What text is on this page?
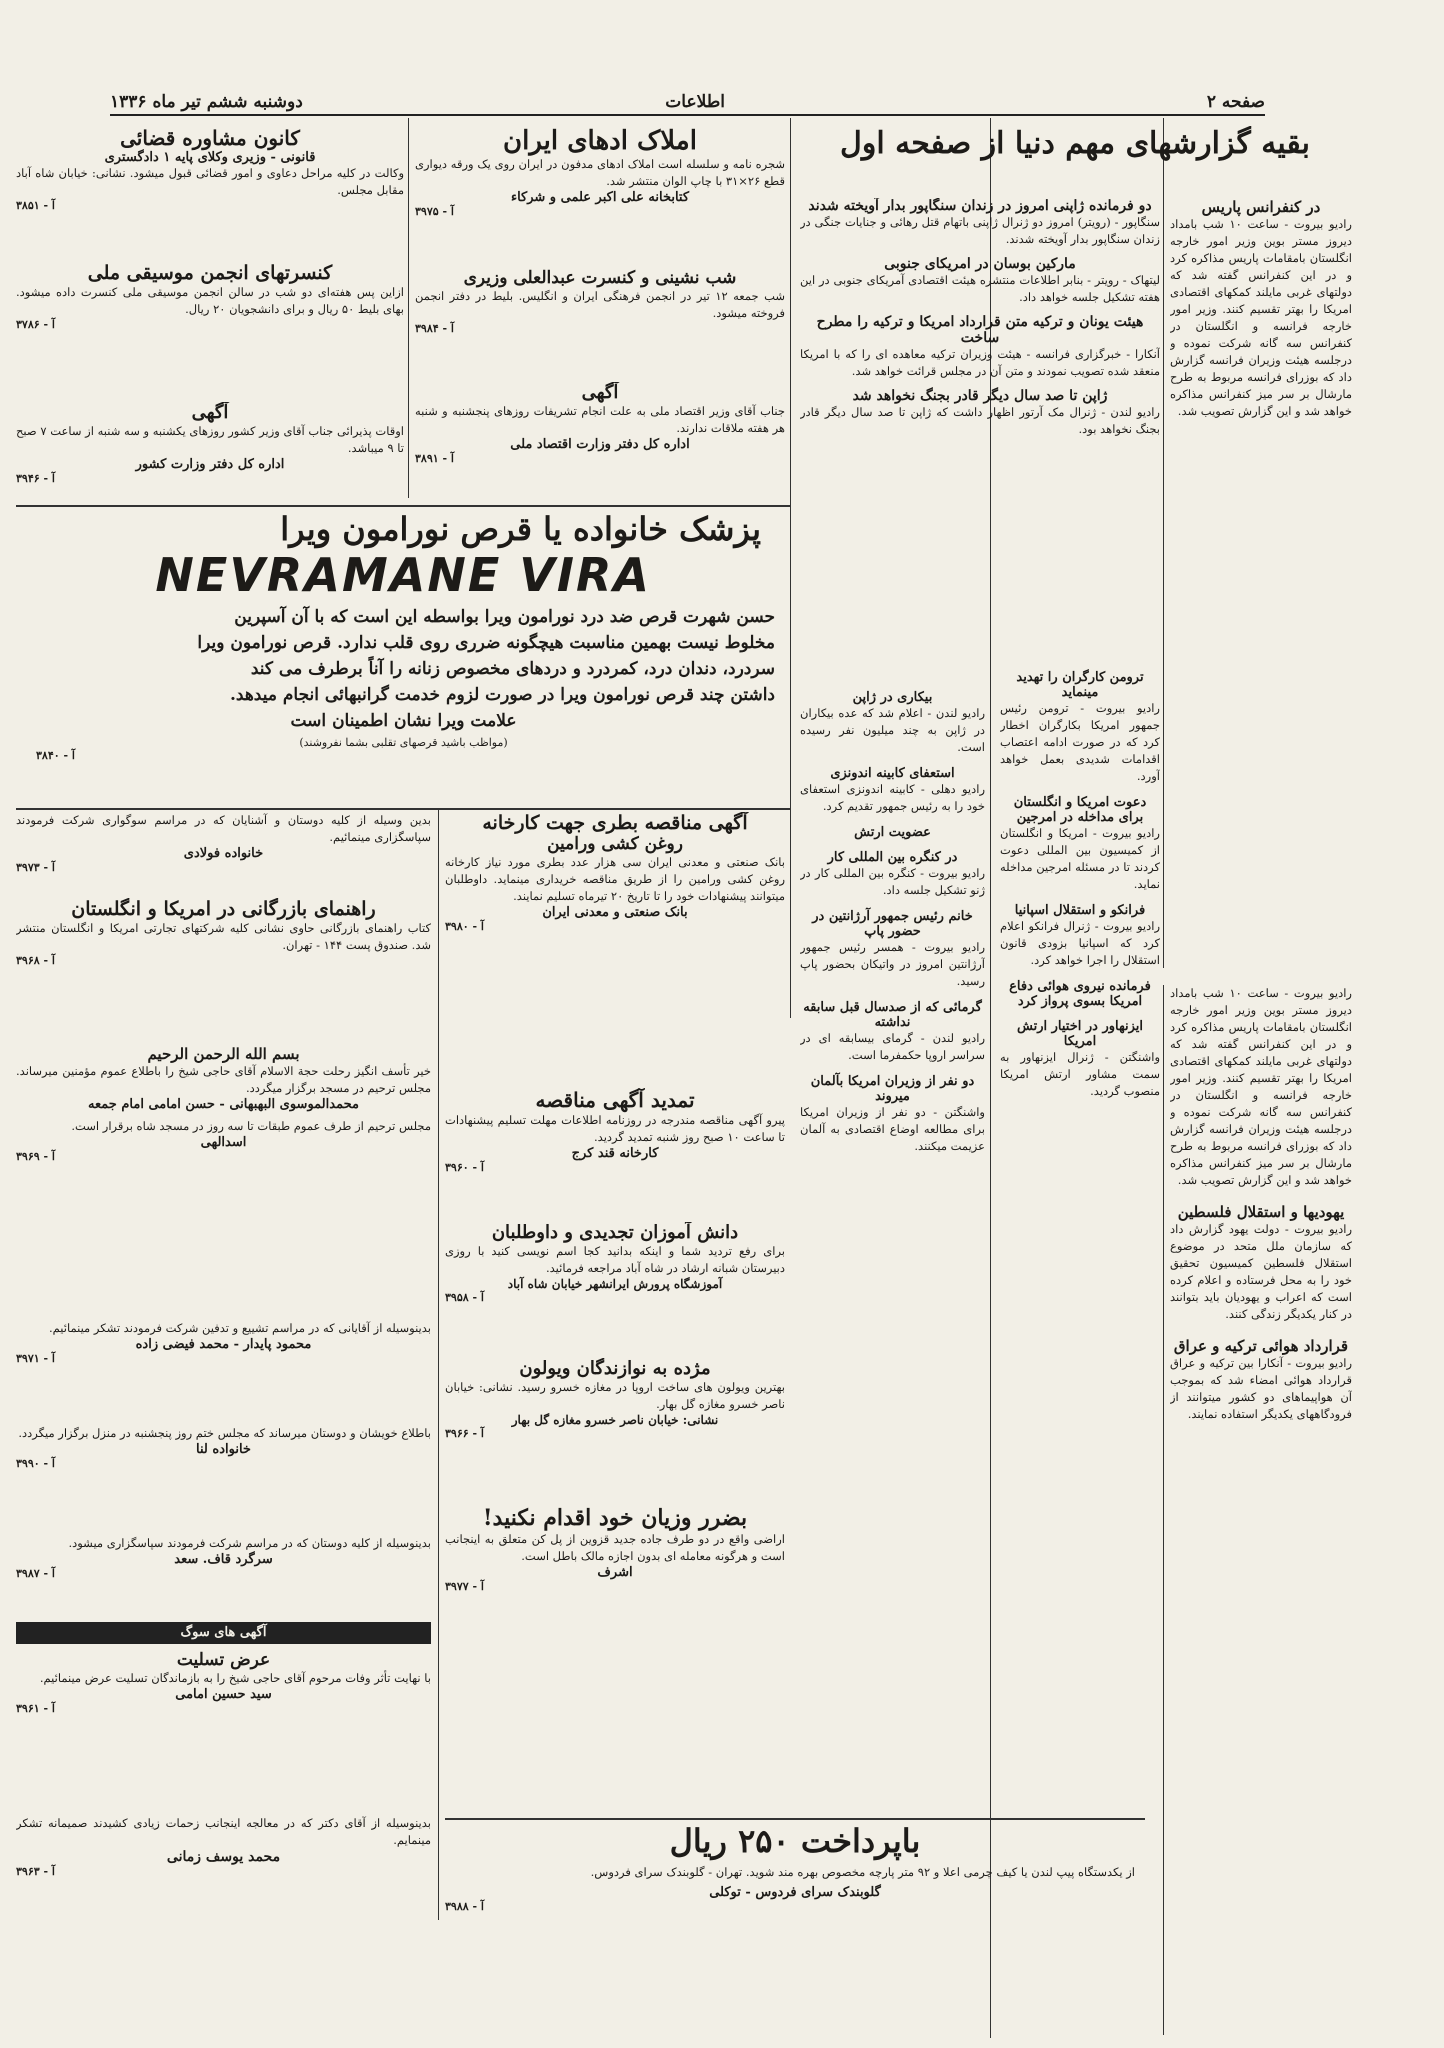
صفحه ۲
اطلاعات
دوشنبه ششم تیر ماه ۱۳۳۶
بقیه گزارشهای مهم دنیا از صفحه اول
در کنفرانس پاریس
رادیو بیروت - ساعت ۱۰ شب بامداد دیروز مستر بوین وزیر امور خارجه انگلستان بامقامات پاریس مذاکره کرد و در این کنفرانس گفته شد که دولتهای غربی مایلند کمکهای اقتصادی امریکا را بهتر تقسیم کنند. وزیر امور خارجه فرانسه و انگلستان در کنفرانس سه گانه شرکت نموده و درجلسه هیئت وزیران فرانسه گزارش داد که بوزرای فرانسه مربوط به طرح مارشال بر سر میز کنفرانس مذاکره خواهد شد و این گزارش تصویب شد.
رادیو بیروت - ساعت ۱۰ شب بامداد دیروز مستر بوین وزیر امور خارجه انگلستان بامقامات پاریس مذاکره کرد و در این کنفرانس گفته شد که دولتهای غربی مایلند کمکهای اقتصادی امریکا را بهتر تقسیم کنند. وزیر امور خارجه فرانسه و انگلستان در کنفرانس سه گانه شرکت نموده و درجلسه هیئت وزیران فرانسه گزارش داد که بوزرای فرانسه مربوط به طرح مارشال بر سر میز کنفرانس مذاکره خواهد شد و این گزارش تصویب شد.
یهودیها و استقلال فلسطین
رادیو بیروت - دولت یهود گزارش داد که سازمان ملل متحد در موضوع استقلال فلسطین کمیسیون تحقیق خود را به محل فرستاده و اعلام کرده است که اعراب و یهودیان باید بتوانند در کنار یکدیگر زندگی کنند.
قرارداد هوائی ترکیه و عراق
رادیو بیروت - آنکارا بین ترکیه و عراق قرارداد هوائی امضاء شد که بموجب آن هواپیماهای دو کشور میتوانند از فرودگاههای یکدیگر استفاده نمایند.
دو فرمانده ژاپنی امروز در زندان سنگاپور بدار آویخته شدند
سنگاپور - (رویتر) امروز دو ژنرال ژاپنی باتهام قتل رهائی و جنایات جنگی در زندان سنگاپور بدار آویخته شدند.
مارکین بوسان در امریکای جنوبی
لیتهاک - رویتر - بنابر اطلاعات منتشره هیئت اقتصادی آمریکای جنوبی در این هفته تشکیل جلسه خواهد داد.
هیئت یونان و ترکیه متن قرارداد امریکا و ترکیه را مطرح ساخت
آنکارا - خبرگزاری فرانسه - هیئت وزیران ترکیه معاهده ای را که با امریکا منعقد شده تصویب نمودند و متن آن در مجلس قرائت خواهد شد.
ژاپن تا صد سال دیگر قادر بجنگ نخواهد شد
رادیو لندن - ژنرال مک آرتور اظهار داشت که ژاپن تا صد سال دیگر قادر بجنگ نخواهد بود.
ترومن کارگران را تهدید مینماید
رادیو بیروت - ترومن رئیس جمهور امریکا بکارگران اخطار کرد که در صورت ادامه اعتصاب اقدامات شدیدی بعمل خواهد آورد.
دعوت امریکا و انگلستان برای مداخله در امرجین
رادیو بیروت - امریکا و انگلستان از کمیسیون بین المللی دعوت کردند تا در مسئله امرجین مداخله نماید.
فرانکو و استقلال اسپانیا
رادیو بیروت - ژنرال فرانکو اعلام کرد که اسپانیا بزودی قانون استقلال را اجرا خواهد کرد.
فرمانده نیروی هوائی دفاع امریکا بسوی پرواز کرد
ایزنهاور در اختیار ارتش امریکا
واشنگتن - ژنرال ایزنهاور به سمت مشاور ارتش امریکا منصوب گردید.
بیکاری در ژاپن
رادیو لندن - اعلام شد که عده بیکاران در ژاپن به چند میلیون نفر رسیده است.
استعفای کابینه اندونزی
رادیو دهلی - کابینه اندونزی استعفای خود را به رئیس جمهور تقدیم کرد.
عضویت ارتش
در کنگره بین المللی کار
رادیو بیروت - کنگره بین المللی کار در ژنو تشکیل جلسه داد.
خانم رئیس جمهور آرژانتین در حضور پاپ
رادیو بیروت - همسر رئیس جمهور آرژانتین امروز در واتیکان بحضور پاپ رسید.
گرمائی که از صدسال قبل سابقه نداشته
رادیو لندن - گرمای بیسابقه ای در سراسر اروپا حکمفرما است.
دو نفر از وزیران امریکا بآلمان میروند
واشنگتن - دو نفر از وزیران امریکا برای مطالعه اوضاع اقتصادی به آلمان عزیمت میکنند.
املاک ادهای ایران
شجره نامه و سلسله است املاک ادهای مدفون در ایران روی یک ورقه دیواری قطع ۲۶×۳۱ با چاپ الوان منتشر شد.
کتابخانه علی اکبر علمی و شرکاء
آ - ۳۹۷۵
شب نشینی و کنسرت عبدالعلی وزیری
شب جمعه ۱۲ تیر در انجمن فرهنگی ایران و انگلیس. بلیط در دفتر انجمن فروخته میشود.
آ - ۳۹۸۴
آگهی
جناب آقای وزیر اقتصاد ملی به علت انجام تشریفات روزهای پنجشنبه و شنبه هر هفته ملاقات ندارند.
اداره کل دفتر وزارت اقتصاد ملی
آ - ۳۸۹۱
کانون مشاوره قضائی
قانونی - وزیری وکلای پایه ۱ دادگستری
وکالت در کلیه مراحل دعاوی و امور قضائی قبول میشود. نشانی: خیابان شاه آباد مقابل مجلس.
آ - ۳۸۵۱
کنسرتهای انجمن موسیقی ملی
ازاین پس هفته‌ای دو شب در سالن انجمن موسیقی ملی کنسرت داده میشود. بهای بلیط ۵۰ ریال و برای دانشجویان ۲۰ ریال.
آ - ۳۷۸۶
آگهی
اوقات پذیرائی جناب آقای وزیر کشور روزهای یکشنبه و سه شنبه از ساعت ۷ صبح تا ۹ میباشد.
اداره کل دفتر وزارت کشور
آ - ۳۹۴۶
پزشک خانواده یا قرص نورامون ویرا
NEVRAMANE VIRA
حسن شهرت قرص ضد درد نورامون ویرا بواسطه این است که با آن آسپرین
مخلوط نیست بهمین مناسبت هیچگونه ضرری روی قلب ندارد. قرص نورامون ویرا
سردرد، دندان درد، کمردرد و دردهای مخصوص زنانه را آناً برطرف می کند
داشتن چند قرص نورامون ویرا در صورت لزوم خدمت گرانبهائی انجام میدهد.
علامت ویرا نشان اطمینان است
(مواظب باشید قرصهای تقلبی بشما نفروشند)
آ - ۳۸۴۰
آگهی مناقصه بطری جهت کارخانه
روغن کشی ورامین
بانک صنعتی و معدنی ایران سی هزار عدد بطری مورد نیاز کارخانه روغن کشی ورامین را از طریق مناقصه خریداری مینماید. داوطلبان میتوانند پیشنهادات خود را تا تاریخ ۲۰ تیرماه تسلیم نمایند.
بانک صنعتی و معدنی ایران
آ - ۳۹۸۰
تمدید آگهی مناقصه
پیرو آگهی مناقصه مندرجه در روزنامه اطلاعات مهلت تسلیم پیشنهادات تا ساعت ۱۰ صبح روز شنبه تمدید گردید.
کارخانه قند کرج
آ - ۳۹۶۰
دانش آموزان تجدیدی و داوطلبان
برای رفع تردید شما و اینکه بدانید کجا اسم نویسی کنید با روزی دبیرستان شبانه ارشاد در شاه آباد مراجعه فرمائید.
آموزشگاه پرورش ایرانشهر خیابان شاه آباد
آ - ۳۹۵۸
مژده به نوازندگان ویولون
بهترین ویولون های ساخت اروپا در مغازه خسرو رسید. نشانی: خیابان ناصر خسرو مغازه گل بهار.
نشانی: خیابان ناصر خسرو مغازه گل بهار
آ - ۳۹۶۶
بضرر وزیان خود اقدام نکنید!
اراضی واقع در دو طرف جاده جدید قزوین از پل کن متعلق به اینجانب است و هرگونه معامله ای بدون اجازه مالک باطل است.
اشرف
آ - ۳۹۷۷
باپرداخت ۲۵۰ ریال
از یکدستگاه پیپ لندن یا کیف چرمی اعلا و ۹۲ متر پارچه مخصوص بهره مند شوید. تهران - گلوبندک سرای فردوس.
گلوبندک سرای فردوس - توکلی
آ - ۳۹۸۸
بدین وسیله از کلیه دوستان و آشنایان که در مراسم سوگواری شرکت فرمودند سپاسگزاری مینمائیم.
خانواده فولادی
آ - ۳۹۷۳
راهنمای بازرگانی در امریکا و انگلستان
کتاب راهنمای بازرگانی حاوی نشانی کلیه شرکتهای تجارتی امریکا و انگلستان منتشر شد. صندوق پست ۱۴۴ - تهران.
آ - ۳۹۶۸
بسم الله الرحمن الرحیم
خیر تأسف انگیز رحلت حجة الاسلام آقای حاجی شیخ را باطلاع عموم مؤمنین میرساند. مجلس ترحیم در مسجد برگزار میگردد.
محمدالموسوی البهبهانی - حسن امامی امام جمعه
مجلس ترحیم از طرف عموم طبقات تا سه روز در مسجد شاه برقرار است.
اسدالهی
آ - ۳۹۶۹
بدینوسیله از آقایانی که در مراسم تشییع و تدفین شرکت فرمودند تشکر مینمائیم.
محمود پایدار - محمد فیضی زاده
آ - ۳۹۷۱
باطلاع خویشان و دوستان میرساند که مجلس ختم روز پنجشنبه در منزل برگزار میگردد.
خانواده لنا
آ - ۳۹۹۰
بدینوسیله از کلیه دوستان که در مراسم شرکت فرمودند سپاسگزاری میشود.
سرگرد قاف. سعد
آ - ۳۹۸۷
آگهی های سوگ
عرض تسلیت
با نهایت تأثر وفات مرحوم آقای حاجی شیخ را به بازماندگان تسلیت عرض مینمائیم.
سید حسین امامی
آ - ۳۹۶۱
بدینوسیله از آقای دکتر که در معالجه اینجانب زحمات زیادی کشیدند صمیمانه تشکر مینمایم.
محمد یوسف زمانی
آ - ۳۹۶۳
